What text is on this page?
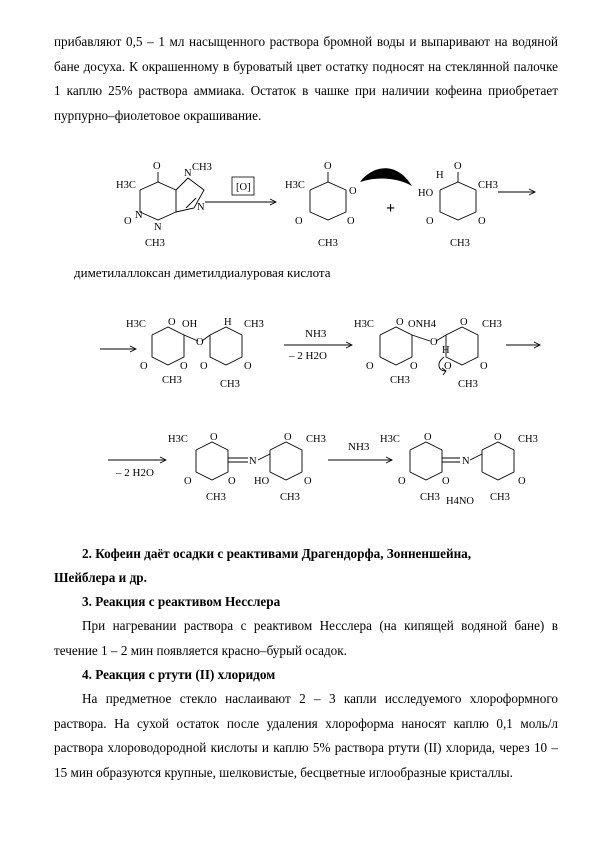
прибавляют 0,5 – 1 мл насыщенного раствора бромной воды и выпаривают на водяной бане досуха. К окрашенному в буроватый цвет остатку подносят на стеклянной палочке 1 каплю 25% раствора аммиака. Остаток в чашке при наличии кофеина приобретает пурпурно–фиолетовое окрашивание.

O
H3C
N
O
N
CH3
N
CH3
N
[O]
O
H3C
O
O	O
CH3
+
O
H
HO
CH3
O	O
CH3
диметилаллоксан диметилдиалуровая кислота
H3C O OH
O
H CH3
O	O O	O
CH3	CH3
NH3
– 2 H2O
H3C O ONH4
O
O CH3
H
O	O	O	O
CH3	CH3
– 2 H2O
H3C O
N
O CH3
O	O HO	O
CH3	CH3
NH3
H3C O
N
O CH3
O	O	O
CH3 H4NO CH3
2. Кофеин даёт осадки с реактивами Драгендорфа, Зонненшейна,
Шейблера и др.
3. Реакция с реактивом Несслера

При нагревании раствора с реактивом Несслера (на кипящей водяной бане) в течение 1 – 2 мин появляется красно–бурый осадок.

4. Реакция с ртути (II) хлоридом

На предметное стекло наслаивают 2 – 3 капли исследуемого хлороформного раствора. На сухой остаток после удаления хлороформа наносят каплю 0,1 моль/л раствора хлороводородной кислоты и каплю 5% раствора ртути (II) хлорида, через 10 – 15 мин образуются крупные, шелковистые, бесцветные иглообразные кристаллы.
